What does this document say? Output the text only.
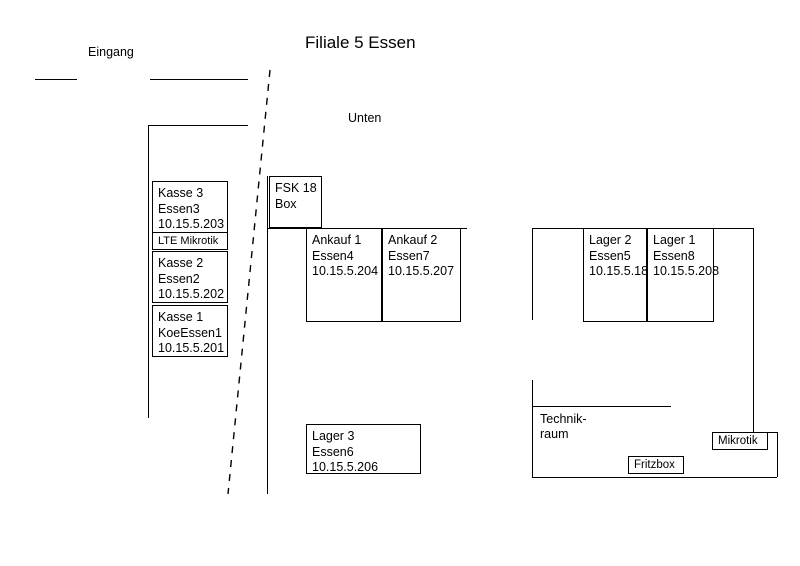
Filiale 5 Essen
Eingang
Unten
Technik-
raum
Kasse 3
Essen3
10.15.5.203
LTE Mikrotik
Kasse 2
Essen2
10.15.5.202
Kasse 1
KoeEssen1
10.15.5.201
FSK 18
Box
Ankauf 1
Essen4
10.15.5.204
Ankauf 2
Essen7
10.15.5.207
Lager 2
Essen5
10.15.5.18
Lager 1
Essen8
10.15.5.208
Lager 3
Essen6
10.15.5.206	Fritzbox
Mikrotik
